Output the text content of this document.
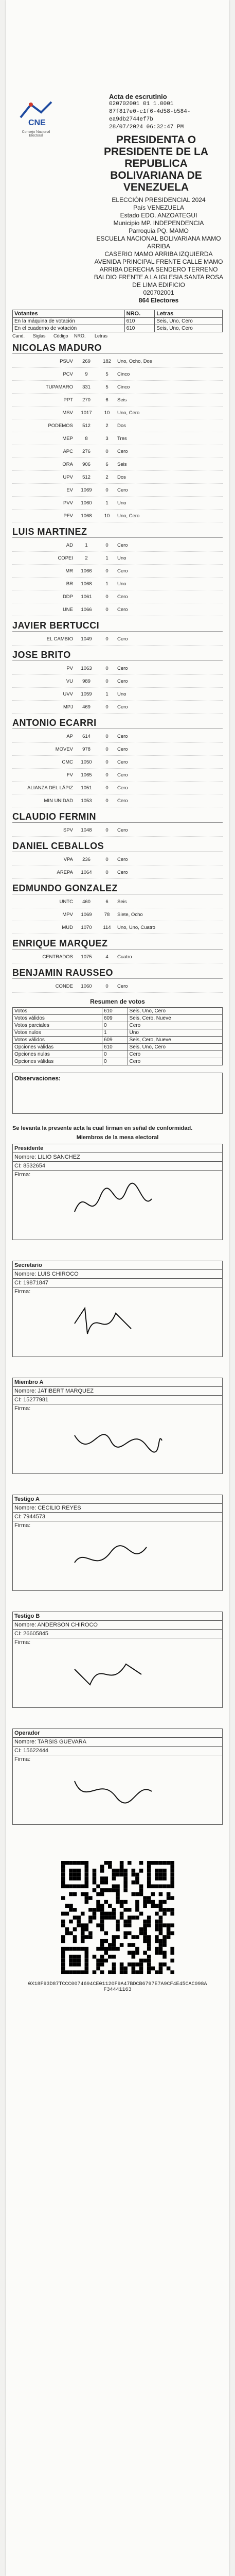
CNE
Consejo Nacional Electoral
Acta de escrutinio
020702001 01 1.0001
87f817e0-c1f6-4d58-b584-ea9db2744ef7b
28/07/2024 06:32:47 PM
PRESIDENTA O PRESIDENTE DE LA REPUBLICA BOLIVARIANA DE VENEZUELA
ELECCIÓN PRESIDENCIAL 2024
País VENEZUELA
Estado EDO. ANZOATEGUI
Municipio MP. INDEPENDENCIA
Parroquia PQ. MAMO
ESCUELA NACIONAL BOLIVARIANA MAMO ARRIBA
CASERIO MAMO ARRIBA IZQUIERDA AVENIDA PRINCIPAL FRENTE CALLE MAMO ARRIBA DERECHA SENDERO TERRENO BALDIO FRENTE A LA IGLESIA SANTA ROSA DE LIMA EDIFICIO
020702001
864 Electores
Votantes	NRO.	Letras
En la máquina de votación	610	Seis, Uno, Cero
En el cuaderno de votación	610	Seis, Uno, Cero
Cand.	Siglas	Código	NRO.	Letras
NICOLAS MADURO
PSUV	269	182	Uno, Ocho, Dos
PCV	9	5	Cinco
TUPAMARO	331	5	Cinco
PPT	270	6	Seis
MSV	1017	10	Uno, Cero
PODEMOS	512	2	Dos
MEP	8	3	Tres
APC	276	0	Cero
ORA	906	6	Seis
UPV	512	2	Dos
EV	1069	0	Cero
PVV	1060	1	Uno
PFV	1068	10	Uno, Cero
LUIS MARTINEZ
AD	1	0	Cero
COPEI	2	1	Uno
MR	1066	0	Cero
BR	1068	1	Uno
DDP	1061	0	Cero
UNE	1066	0	Cero
JAVIER BERTUCCI
EL CAMBIO	1049	0	Cero
JOSE BRITO
PV	1063	0	Cero
VU	989	0	Cero
UVV	1059	1	Uno
MPJ	469	0	Cero
ANTONIO ECARRI
AP	614	0	Cero
MOVEV	978	0	Cero
CMC	1050	0	Cero
FV	1065	0	Cero
ALIANZA DEL LÁPIZ	1051	0	Cero
MIN UNIDAD	1053	0	Cero
CLAUDIO FERMIN
SPV	1048	0	Cero
DANIEL CEBALLOS
VPA	236	0	Cero
AREPA	1064	0	Cero
EDMUNDO GONZALEZ
UNTC	460	6	Seis
MPV	1069	78	Siete, Ocho
MUD	1070	114	Uno, Uno, Cuatro
ENRIQUE MARQUEZ
CENTRADOS	1075	4	Cuatro
BENJAMIN RAUSSEO
CONDE	1060	0	Cero
Resumen de votos
Votos	610	Seis, Uno, Cero
Votos válidos	609	Seis, Cero, Nueve
Votos parciales	0	Cero
Votos nulos	1	Uno
Votos válidos	609	Seis, Cero, Nueve
Opciones válidas	610	Seis, Uno, Cero
Opciones nulas	0	Cero
Opciones válidas	0	Cero
Observaciones:
Se levanta la presente acta la cual firman en señal de conformidad.
Miembros de la mesa electoral
Presidente
Nombre: LILIO SANCHEZ
CI: 8532654
Firma:
Secretario
Nombre: LUIS CHIROCO
CI: 19871847
Firma:
Miembro A
Nombre: JATIBERT MARQUEZ
CI: 15277981
Firma:
Testigo A
Nombre: CECILIO REYES
CI: 7944573
Firma:
Testigo B
Nombre: ANDERSON CHIROCO
CI: 26605845
Firma:
Operador
Nombre: TARSIS GUEVARA
CI: 15622444
Firma:
0X18F93D87TCCC0074694CE01120F9A47BDCB6797E7A9CF4E45CAC098AF34441163
